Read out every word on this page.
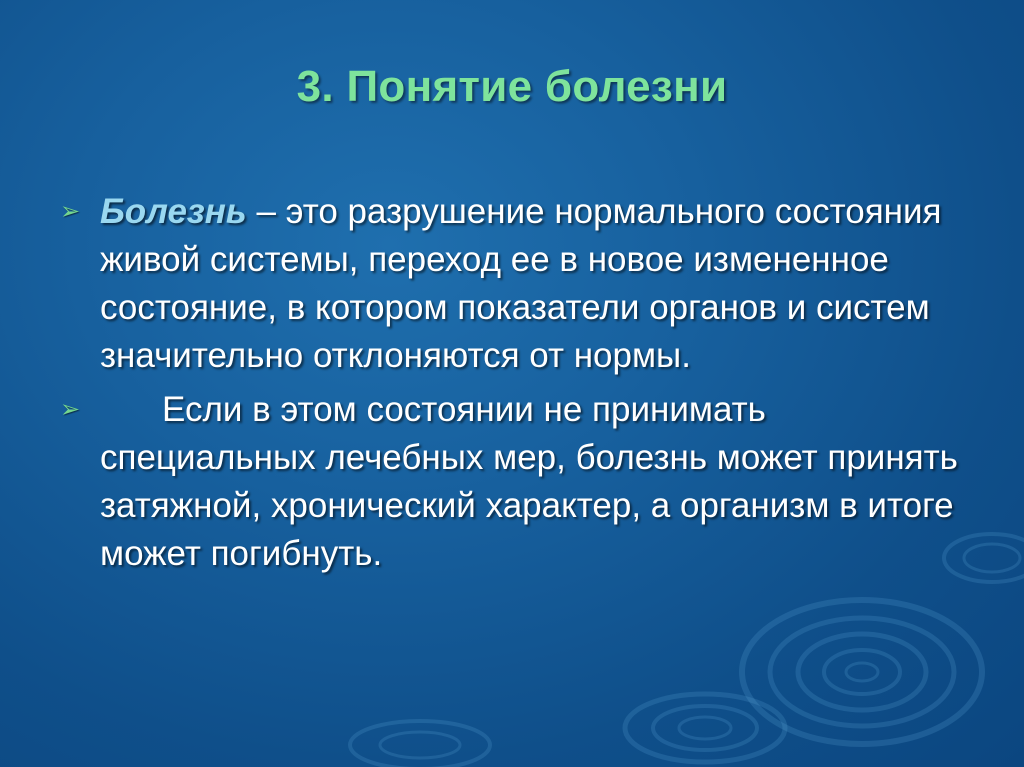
3. Понятие болезни
➢ Болезнь – это разрушение нормального состояния живой системы, переход ее в новое измененное состояние, в котором показатели органов и систем значительно отклоняются от нормы.
➢ Если в этом состоянии не принимать специальных лечебных мер, болезнь может принять затяжной, хронический характер, а организм в итоге может погибнуть.
